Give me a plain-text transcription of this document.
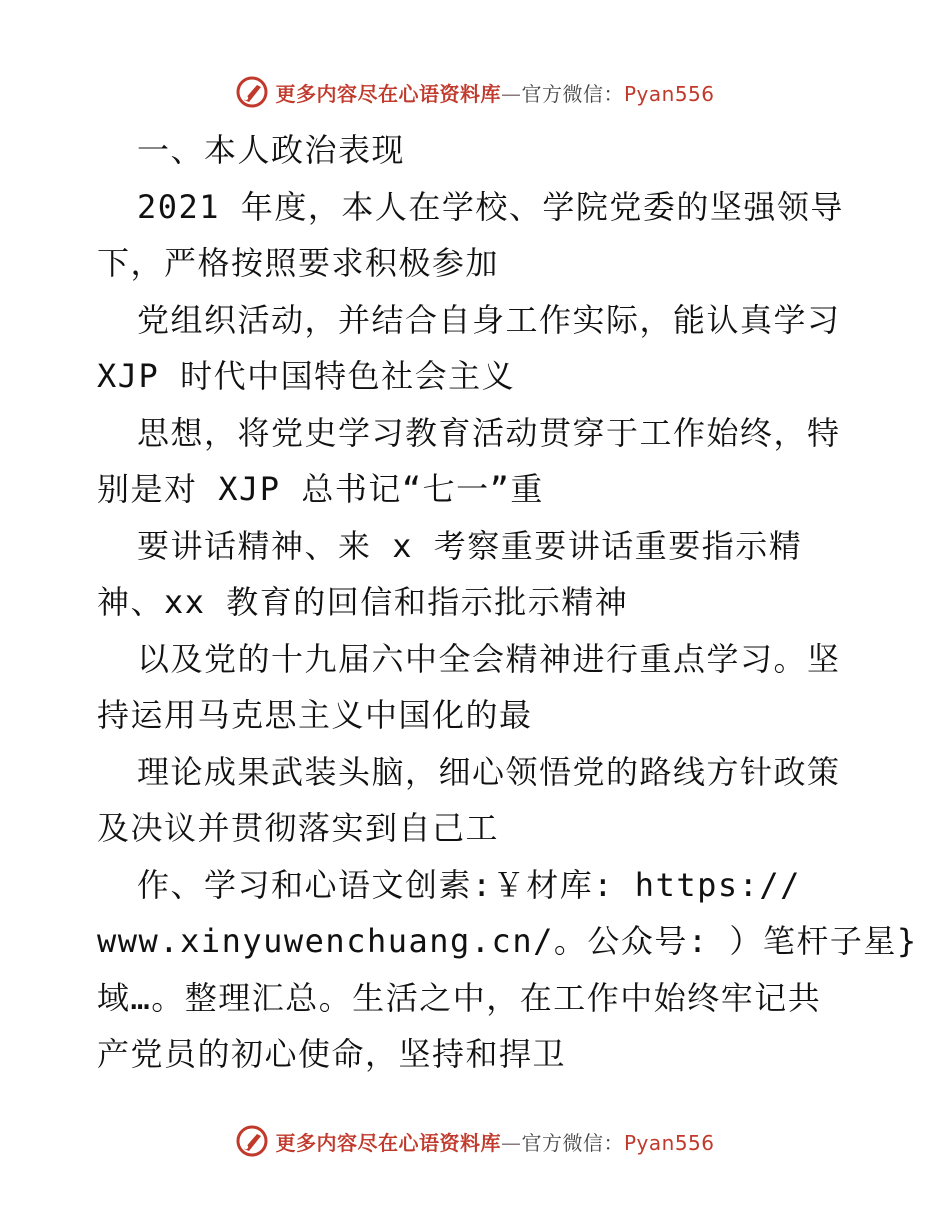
更多内容尽在心语资料库—官方微信：Pyan556
一、本人政治表现
2021 年度，本人在学校、学院党委的坚强领导
下，严格按照要求积极参加
党组织活动，并结合自身工作实际，能认真学习
XJP 时代中国特色社会主义
思想，将党史学习教育活动贯穿于工作始终，特
别是对 XJP 总书记“七一”重
要讲话精神、来 x 考察重要讲话重要指示精
神、xx 教育的回信和指示批示精神
以及党的十九届六中全会精神进行重点学习。坚
持运用马克思主义中国化的最
理论成果武装头脑，细心领悟党的路线方针政策
及决议并贯彻落实到自己工
作、学习和心语文创素:￥材库: https://
www.xinyuwenchuang.cn/。公众号: ）笔杆子星}
域…。整理汇总。生活之中，在工作中始终牢记共
产党员的初心使命，坚持和捍卫
更多内容尽在心语资料库—官方微信：Pyan556
